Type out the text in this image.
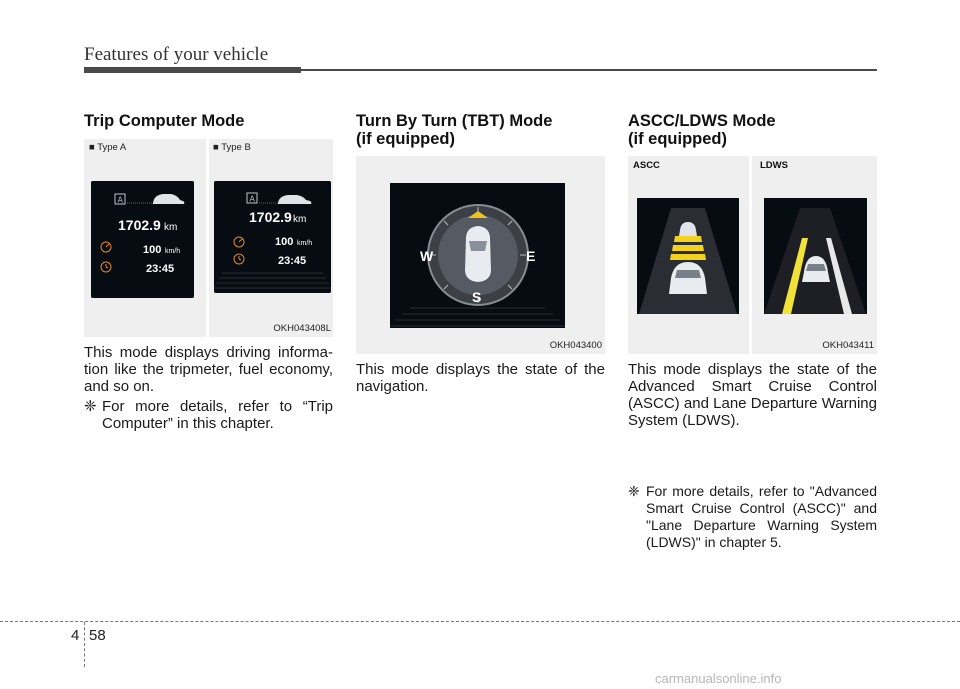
Features of your vehicle
Trip Computer Mode
■ Type A	■ Type B
A
1702.9 km
100 km/h
23:45
A
1702.9 km
100 km/h
23:45
OKH043408L
This mode displays driving informa-tion like the tripmeter, fuel economy, and so on.
❈ For more details, refer to “Trip Computer” in this chapter.
Turn By Turn (TBT) Mode
(if equipped)
W	E
S
OKH043400
This mode displays the state of the navigation.
ASCC/LDWS Mode
(if equipped)
ASCC	LDWS
OKH043411
This mode displays the state of the Advanced Smart Cruise Control (ASCC) and Lane Departure Warning System (LDWS).
❈ For more details, refer to "Advanced Smart Cruise Control (ASCC)" and "Lane Departure Warning System (LDWS)" in chapter 5.
4 58
carmanualsonline.info
